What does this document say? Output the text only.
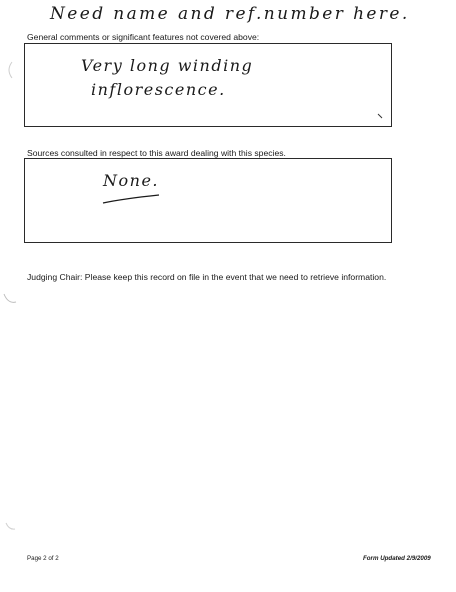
Need name and ref.number here.
General comments or significant features not covered above:
Very long winding
inflorescence.
Sources consulted in respect to this award dealing with this species.
None.
Judging Chair: Please keep this record on file in the event that we need to retrieve information.
Page 2 of 2	Form Updated 2/9/2009
